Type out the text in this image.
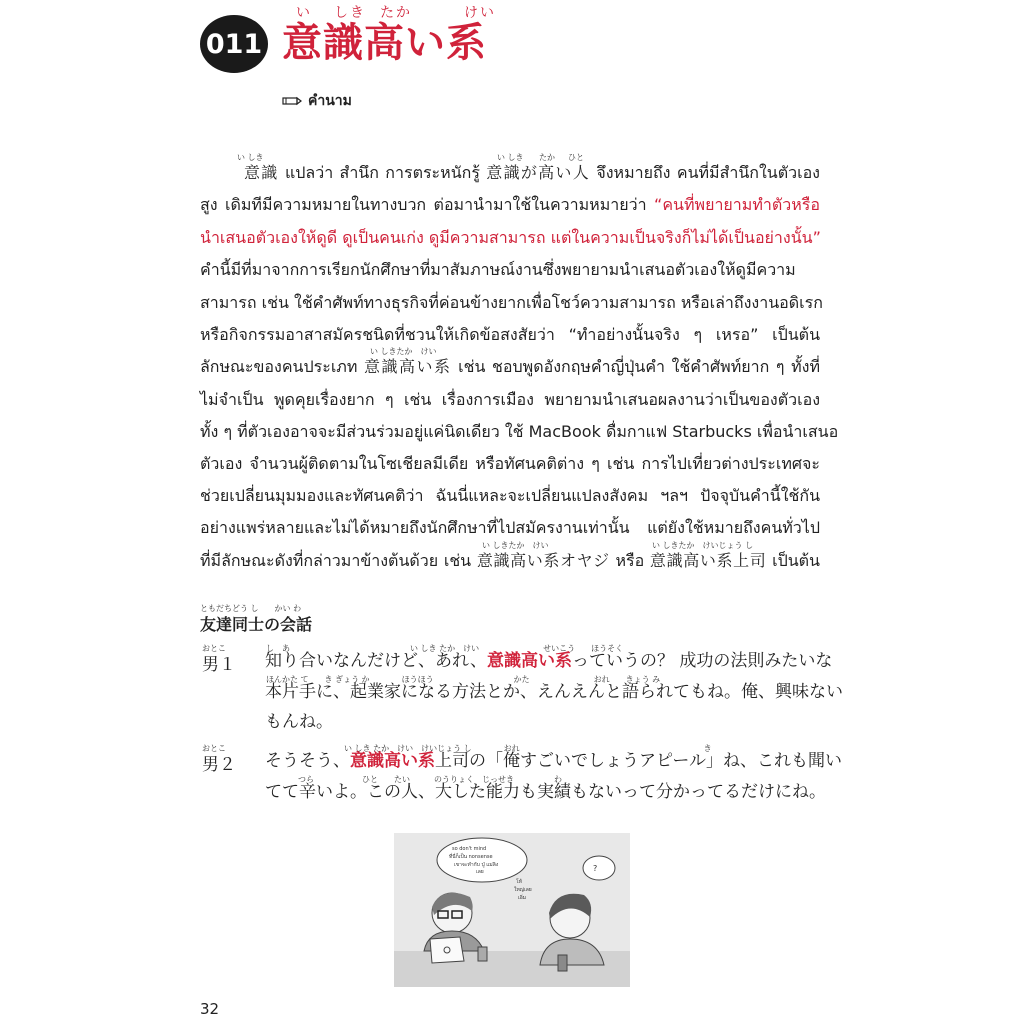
011
い しき たか	けい
意識高い系
คำนาม
い しき	い しき たか ひと
意識 แปลว่า สำนึก การตระหนักรู้ 意識が高い人 จึงหมายถึง คนที่มีสำนึกในตัวเอง
สูง เดิมทีมีความหมายในทางบวก ต่อมานำมาใช้ในความหมายว่า “คนที่พยายามทำตัวหรือ
นำเสนอตัวเองให้ดูดี ดูเป็นคนเก่ง ดูมีความสามารถ แต่ในความเป็นจริงก็ไม่ได้เป็นอย่างนั้น”
คำนี้มีที่มาจากการเรียกนักศึกษาที่มาสัมภาษณ์งานซึ่งพยายามนำเสนอตัวเองให้ดูมีความ
สามารถ เช่น ใช้คำศัพท์ทางธุรกิจที่ค่อนข้างยากเพื่อโชว์ความสามารถ หรือเล่าถึงงานอดิเรก
หรือกิจกรรมอาสาสมัครชนิดที่ชวนให้เกิดข้อสงสัยว่า “ทำอย่างนั้นจริง ๆ เหรอ” เป็นต้น
い しきたか　けい
ลักษณะของคนประเภท 意識高い系 เช่น ชอบพูดอังกฤษคำญี่ปุ่นคำ ใช้คำศัพท์ยาก ๆ ทั้งที่
ไม่จำเป็น พูดคุยเรื่องยาก ๆ เช่น เรื่องการเมือง พยายามนำเสนอผลงานว่าเป็นของตัวเอง
ทั้ง ๆ ที่ตัวเองอาจจะมีส่วนร่วมอยู่แค่นิดเดียว ใช้ MacBook ดื่มกาแฟ Starbucks เพื่อนำเสนอ
ตัวเอง จำนวนผู้ติดตามในโซเชียลมีเดีย หรือทัศนคติต่าง ๆ เช่น การไปเที่ยวต่างประเทศจะ
ช่วยเปลี่ยนมุมมองและทัศนคติว่า ฉันนี่แหละจะเปลี่ยนแปลงสังคม ฯลฯ ปัจจุบันคำนี้ใช้กัน
อย่างแพร่หลายและไม่ได้หมายถึงนักศึกษาที่ไปสมัครงานเท่านั้น แต่ยังใช้หมายถึงคนทั่วไป
い しきたか　けい	い しきたか　けいじょう し
ที่มีลักษณะดังที่กล่าวมาข้างต้นด้วย เช่น 意識高い系オヤジ หรือ 意識高い系上司 เป็นต้น
ともだちどう し　　かい わ
友達同士の会話
おとこ
男１
し　あ　　　　　　　　　　　　　　　い しき たか　けい　　　　　　　　せいこう　　ほうそく
知り合いなんだけど、あれ、意識高い系っていうの？ 成功の法則みたいな
ほんかた て　　き ぎょう か　　　　ほうほう　　　　　　　　　　かた　　　　　　　　おれ　　きょう み
本片手に、起業家になる方法とか、えんえんと語られてもね。俺、興味ない
もんね。
おとこ
男２
い しき たか　けい　けいじょう し　　　　おれ　　　　　　　　　　　　　　　　　　　　　　　き
そうそう、意識高い系上司の「俺すごいでしょうアピール」ね、これも聞い
つら　　　　　　ひと　　たい　　　のうりょく　じっせき　　　　　わ
てて辛いよ。この人、大した能力も実績もないって分かってるだけにね。
so don't mind
ที่นี่ก็เป็น nonsense
เขาจะทำกับ ปู่ แม่ลิง
เลย	?
โห้
ใหญ่เลย
เอิ่ม
32
